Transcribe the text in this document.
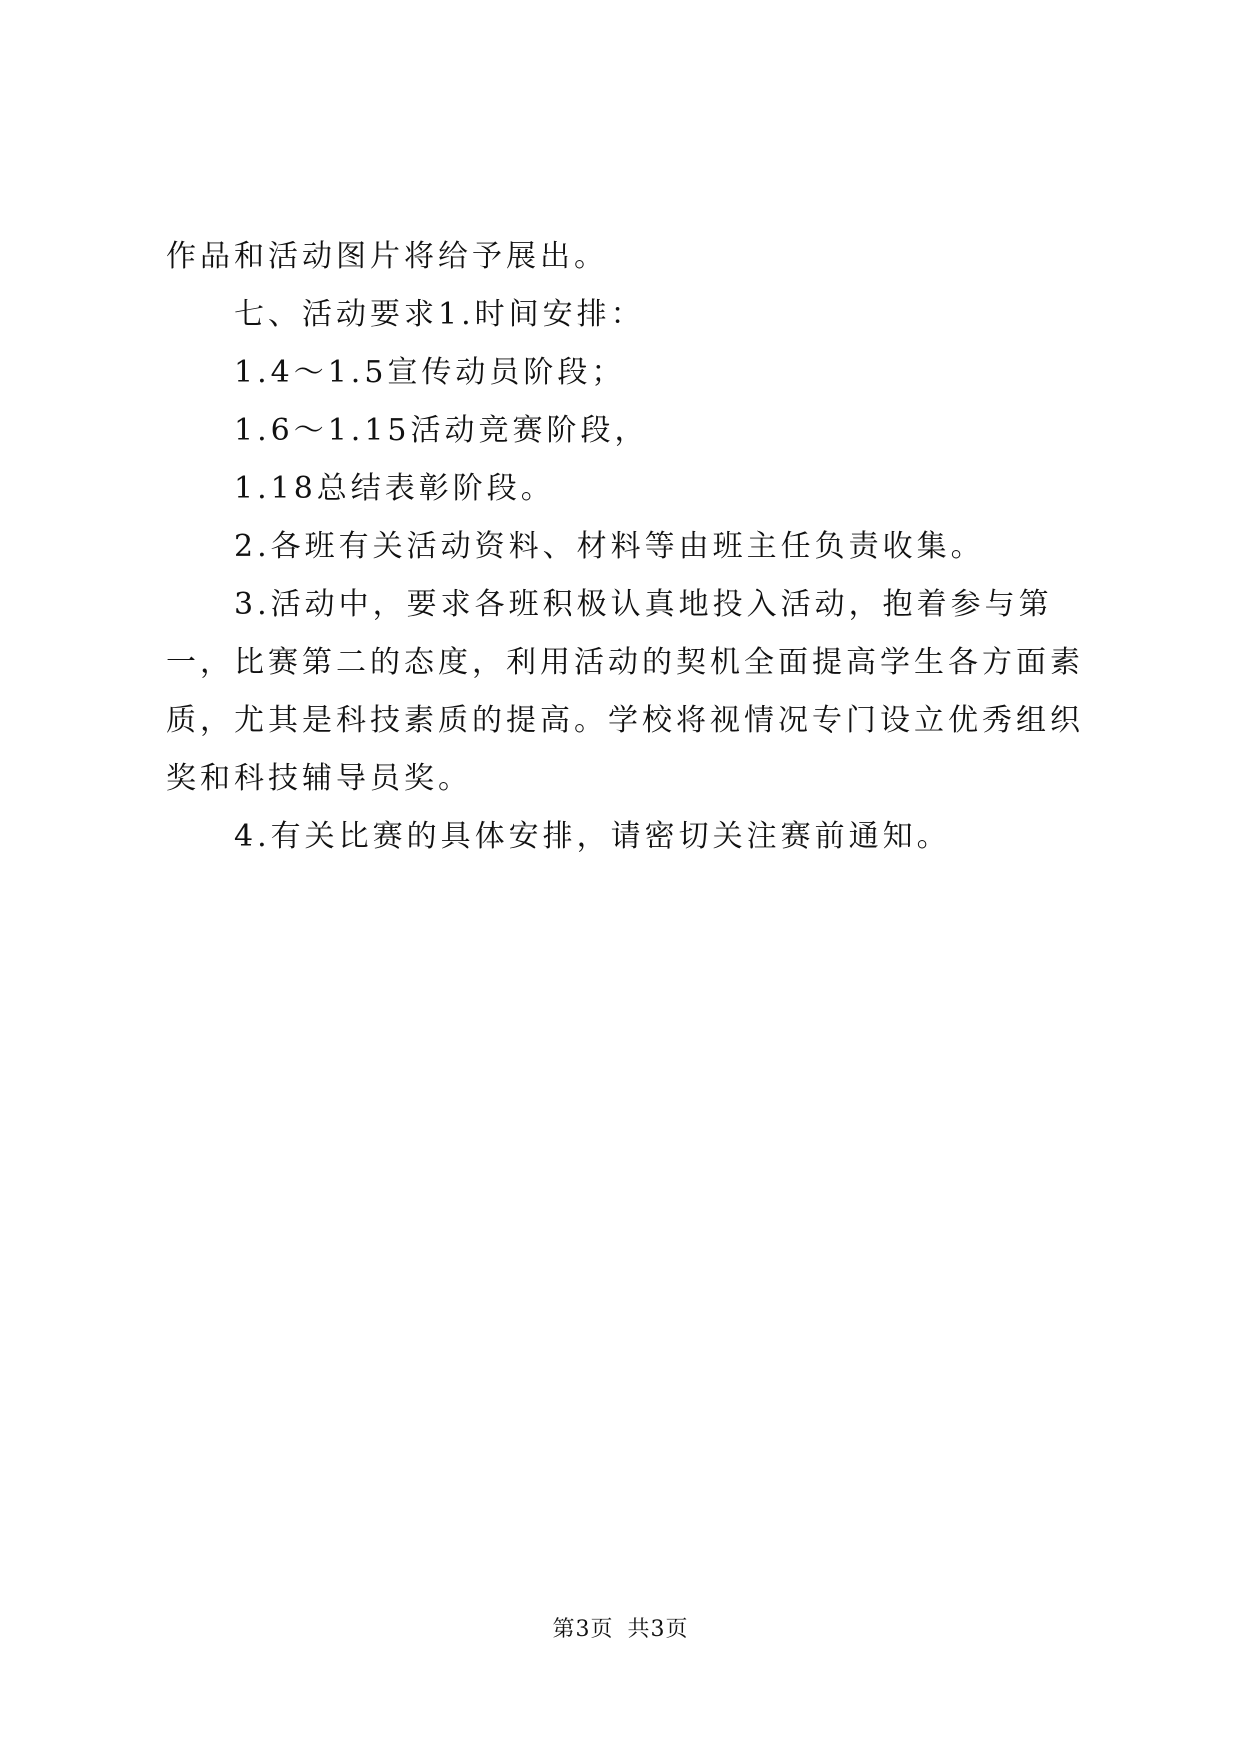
作品和活动图片将给予展出。

七、活动要求1.时间安排：

1.4～1.5宣传动员阶段；

1.6～1.15活动竞赛阶段，

1.18总结表彰阶段。

2.各班有关活动资料、材料等由班主任负责收集。

3.活动中，要求各班积极认真地投入活动，抱着参与第一，比赛第二的态度，利用活动的契机全面提高学生各方面素质，尤其是科技素质的提高。学校将视情况专门设立优秀组织奖和科技辅导员奖。

4.有关比赛的具体安排，请密切关注赛前通知。

第3页 共3页
